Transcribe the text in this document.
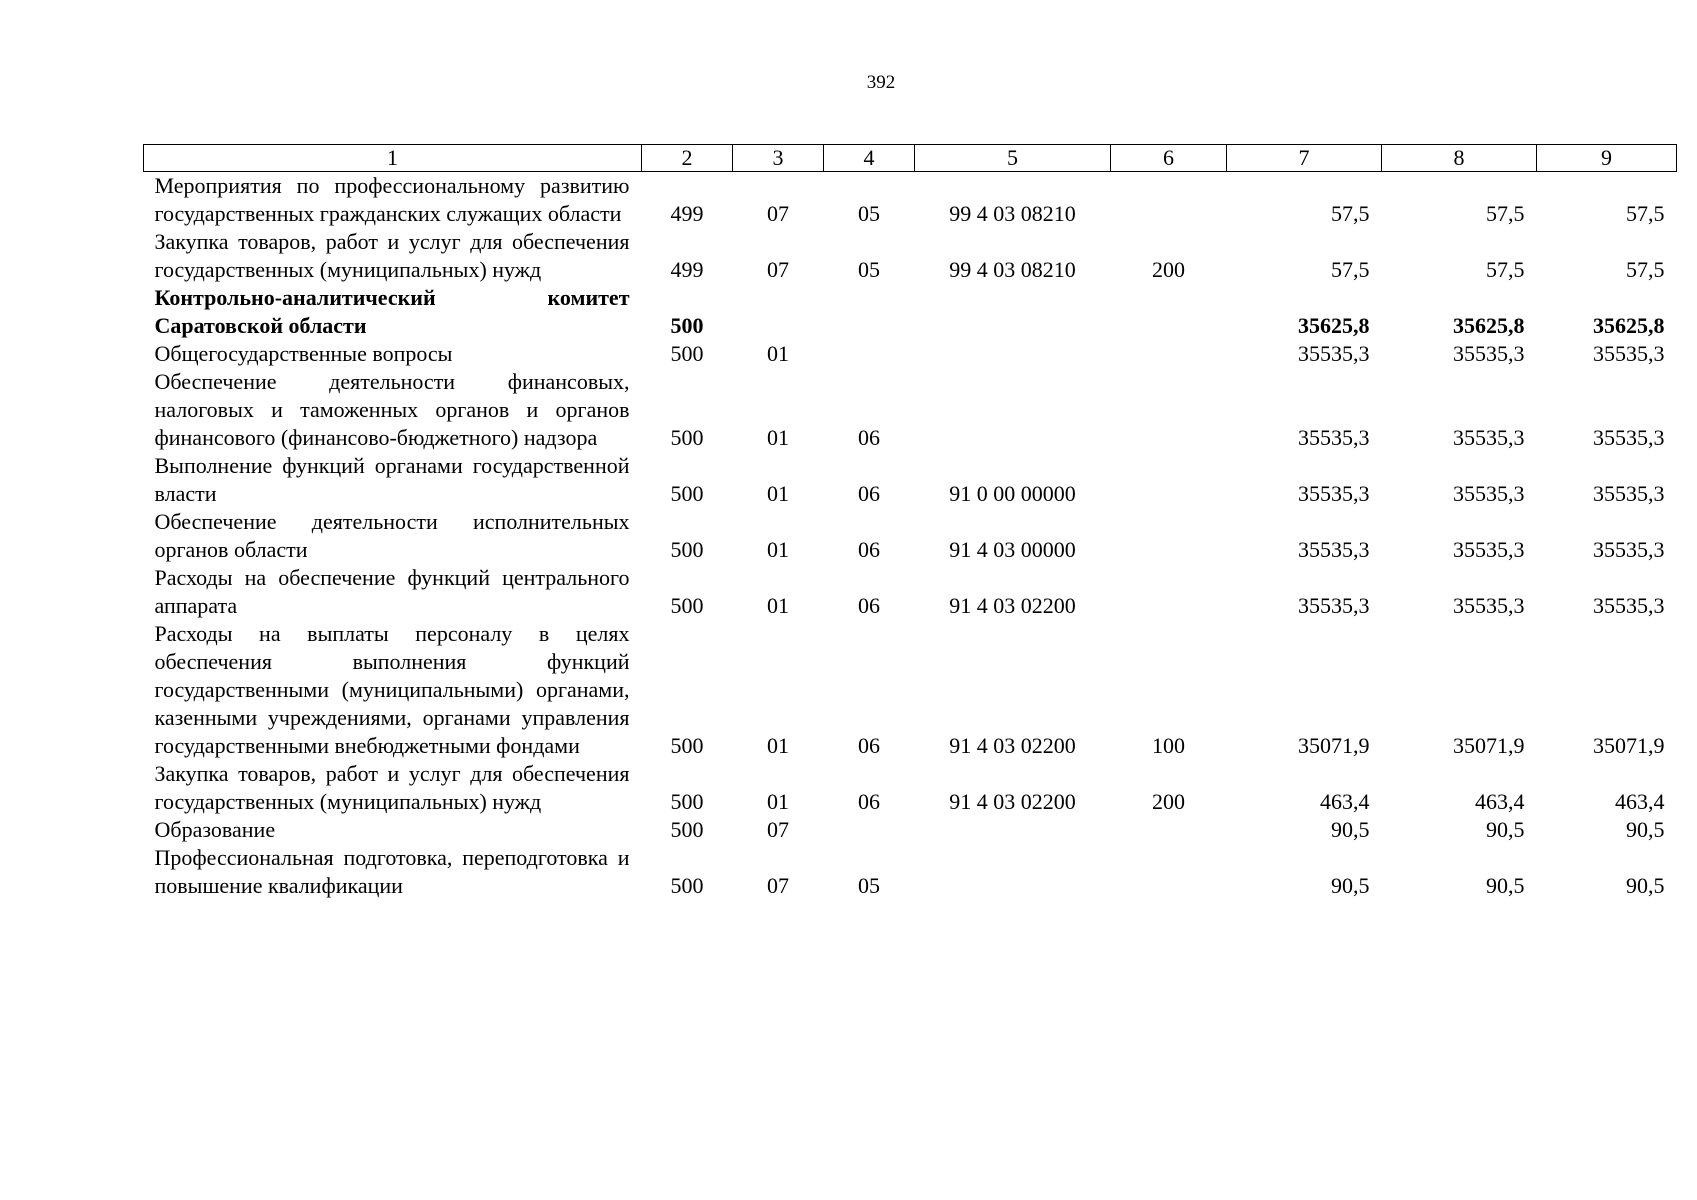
392
1	2	3	4	5	6	7	8	9
Мероприятия по профессиональному развитию государственных гражданских служащих области	499	07	05	99 4 03 08210		57,5	57,5	57,5
Закупка товаров, работ и услуг для обеспечения государственных (муниципальных) нужд	499	07	05	99 4 03 08210	200	57,5	57,5	57,5
Контрольно-аналитический комитет Саратовской области	500					35625,8	35625,8	35625,8
Общегосударственные вопросы	500	01				35535,3	35535,3	35535,3
Обеспечение деятельности финансовых, налоговых и таможенных органов и органов финансового (финансово-бюджетного) надзора	500	01	06			35535,3	35535,3	35535,3
Выполнение функций органами государственной власти	500	01	06	91 0 00 00000		35535,3	35535,3	35535,3
Обеспечение деятельности исполнительных органов области	500	01	06	91 4 03 00000		35535,3	35535,3	35535,3
Расходы на обеспечение функций центрального аппарата	500	01	06	91 4 03 02200		35535,3	35535,3	35535,3
Расходы на выплаты персоналу в целях обеспечения выполнения функций государственными (муниципальными) органами, казенными учреждениями, органами управления государственными внебюджетными фондами	500	01	06	91 4 03 02200	100	35071,9	35071,9	35071,9
Закупка товаров, работ и услуг для обеспечения государственных (муниципальных) нужд	500	01	06	91 4 03 02200	200	463,4	463,4	463,4
Образование	500	07				90,5	90,5	90,5
Профессиональная подготовка, переподготовка и повышение квалификации	500	07	05			90,5	90,5	90,5
